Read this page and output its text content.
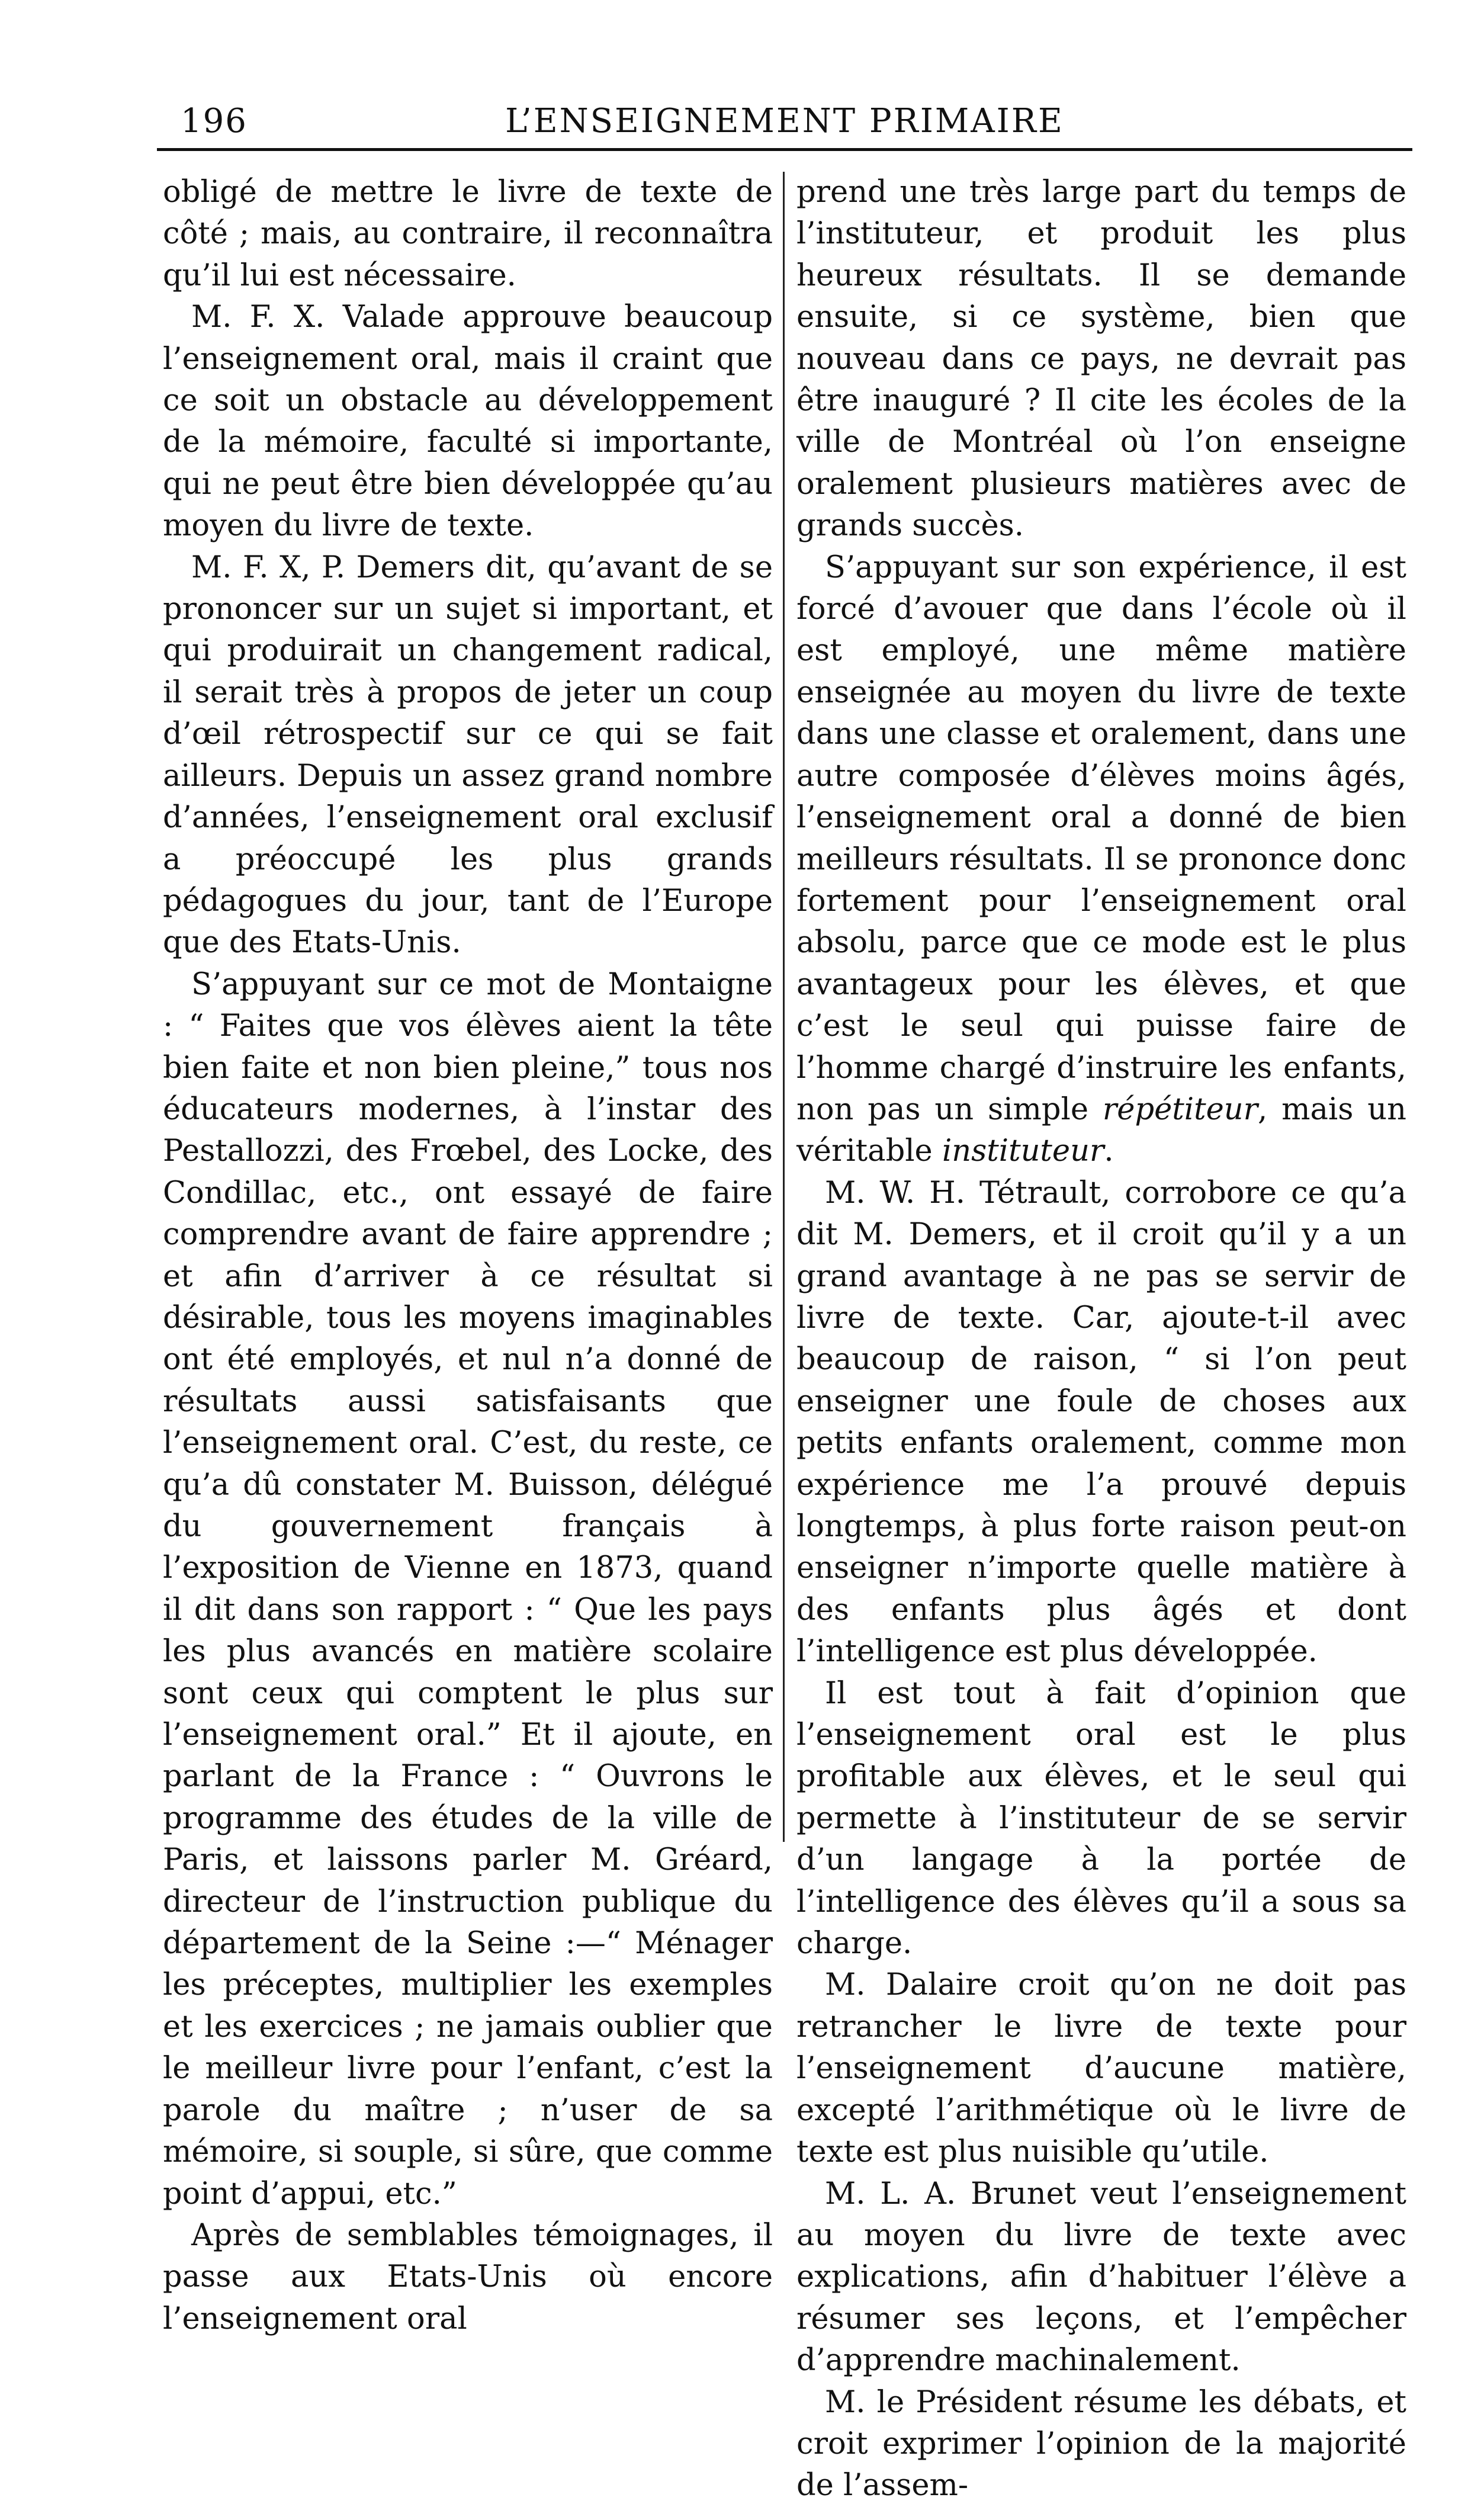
196	L’ENSEIGNEMENT PRIMAIRE

obligé de mettre le livre de texte de côté ; mais, au contraire, il reconnaîtra qu’il lui est nécessaire.

M. F. X. Valade approuve beaucoup l’enseignement oral, mais il craint que ce soit un obstacle au développement de la mémoire, faculté si importante, qui ne peut être bien développée qu’au moyen du livre de texte.

M. F. X, P. Demers dit, qu’avant de se prononcer sur un sujet si important, et qui produirait un changement radical, il serait très à propos de jeter un coup d’œil rétrospectif sur ce qui se fait ailleurs. Depuis un assez grand nombre d’années, l’enseignement oral exclusif a préoccupé les plus grands pédagogues du jour, tant de l’Europe que des Etats-Unis.

S’appuyant sur ce mot de Montaigne : “ Faites que vos élèves aient la tête bien faite et non bien pleine,” tous nos éducateurs modernes, à l’instar des Pestallozzi, des Frœbel, des Locke, des Condillac, etc., ont essayé de faire comprendre avant de faire apprendre ; et afin d’arriver à ce résultat si désirable, tous les moyens imaginables ont été employés, et nul n’a donné de résultats aussi satisfaisants que l’enseignement oral. C’est, du reste, ce qu’a dû constater M. Buisson, délégué du gouvernement français à l’exposition de Vienne en 1873, quand il dit dans son rapport : “ Que les pays les plus avancés en matière scolaire sont ceux qui comptent le plus sur l’enseignement oral.” Et il ajoute, en parlant de la France : “ Ouvrons le programme des études de la ville de Paris, et laissons parler M. Gréard, directeur de l’instruction publique du département de la Seine :—“ Ménager les préceptes, multiplier les exemples et les exercices ; ne jamais oublier que le meilleur livre pour l’enfant, c’est la parole du maître ; n’user de sa mémoire, si souple, si sûre, que comme point d’appui, etc.”

Après de semblables témoignages, il passe aux Etats-Unis où encore l’enseignement oral

prend une très large part du temps de l’instituteur, et produit les plus heureux résultats. Il se demande ensuite, si ce système, bien que nouveau dans ce pays, ne devrait pas être inauguré ? Il cite les écoles de la ville de Montréal où l’on enseigne oralement plusieurs matières avec de grands succès.

S’appuyant sur son expérience, il est forcé d’avouer que dans l’école où il est employé, une même matière enseignée au moyen du livre de texte dans une classe et oralement, dans une autre composée d’élèves moins âgés, l’enseignement oral a donné de bien meilleurs résultats. Il se prononce donc fortement pour l’enseignement oral absolu, parce que ce mode est le plus avantageux pour les élèves, et que c’est le seul qui puisse faire de l’homme chargé d’instruire les enfants, non pas un simple répétiteur, mais un véritable instituteur.

M. W. H. Tétrault, corrobore ce qu’a dit M. Demers, et il croit qu’il y a un grand avantage à ne pas se servir de livre de texte. Car, ajoute-t-il avec beaucoup de raison, “ si l’on peut enseigner une foule de choses aux petits enfants oralement, comme mon expérience me l’a prouvé depuis longtemps, à plus forte raison peut-on enseigner n’importe quelle matière à des enfants plus âgés et dont l’intelligence est plus développée.

Il est tout à fait d’opinion que l’enseignement oral est le plus profitable aux élèves, et le seul qui permette à l’instituteur de se servir d’un langage à la portée de l’intelligence des élèves qu’il a sous sa charge.

M. Dalaire croit qu’on ne doit pas retrancher le livre de texte pour l’enseignement d’aucune matière, excepté l’arithmétique où le livre de texte est plus nuisible qu’utile.

M. L. A. Brunet veut l’enseignement au moyen du livre de texte avec explications, afin d’habituer l’élève a résumer ses leçons, et l’empêcher d’apprendre machinalement.

M. le Président résume les débats, et croit exprimer l’opinion de la majorité de l’assem-
